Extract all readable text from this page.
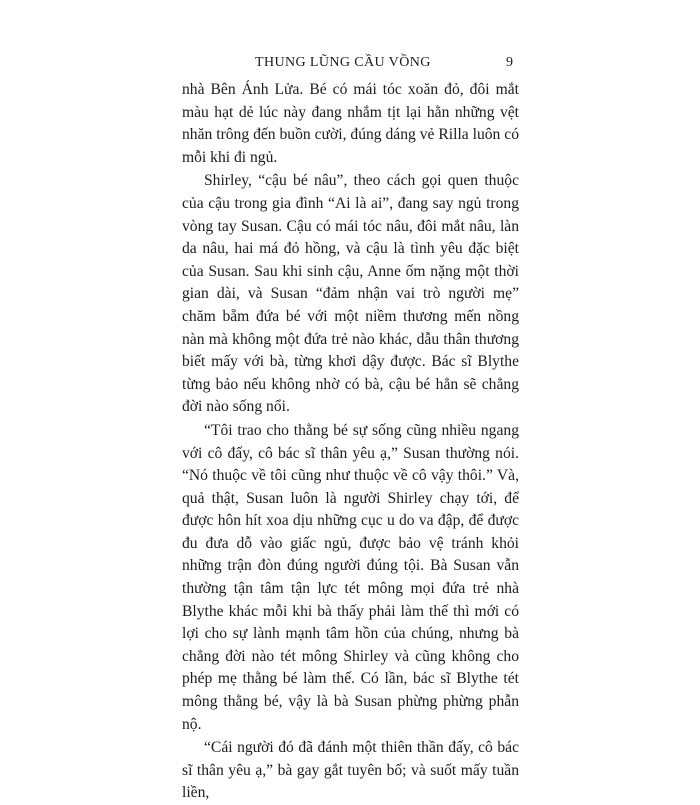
THUNG LŨNG CẦU VỒNG	9

nhà Bên Ánh Lửa. Bé có mái tóc xoăn đỏ, đôi mắt màu hạt dẻ lúc này đang nhắm tịt lại hằn những vệt nhăn trông đến buồn cười, đúng dáng vẻ Rilla luôn có mỗi khi đi ngủ.

Shirley, “cậu bé nâu”, theo cách gọi quen thuộc của cậu trong gia đình “Ai là ai”, đang say ngủ trong vòng tay Susan. Cậu có mái tóc nâu, đôi mắt nâu, làn da nâu, hai má đỏ hồng, và cậu là tình yêu đặc biệt của Susan. Sau khi sinh cậu, Anne ốm nặng một thời gian dài, và Susan “đảm nhận vai trò người mẹ” chăm bẵm đứa bé với một niềm thương mến nồng nàn mà không một đứa trẻ nào khác, dẫu thân thương biết mấy với bà, từng khơi dậy được. Bác sĩ Blythe từng bảo nếu không nhờ có bà, cậu bé hẳn sẽ chẳng đời nào sống nổi.

“Tôi trao cho thằng bé sự sống cũng nhiều ngang với cô đấy, cô bác sĩ thân yêu ạ,” Susan thường nói. “Nó thuộc về tôi cũng như thuộc về cô vậy thôi.” Và, quả thật, Susan luôn là người Shirley chạy tới, để được hôn hít xoa dịu những cục u do va đập, để được đu đưa dỗ vào giấc ngủ, được bảo vệ tránh khỏi những trận đòn đúng người đúng tội. Bà Susan vẫn thường tận tâm tận lực tét mông mọi đứa trẻ nhà Blythe khác mỗi khi bà thấy phải làm thế thì mới có lợi cho sự lành mạnh tâm hồn của chúng, nhưng bà chẳng đời nào tét mông Shirley và cũng không cho phép mẹ thằng bé làm thế. Có lần, bác sĩ Blythe tét mông thằng bé, vậy là bà Susan phừng phừng phẫn nộ.

“Cái người đó đã đánh một thiên thần đấy, cô bác sĩ thân yêu ạ,” bà gay gắt tuyên bố; và suốt mấy tuần liền,
